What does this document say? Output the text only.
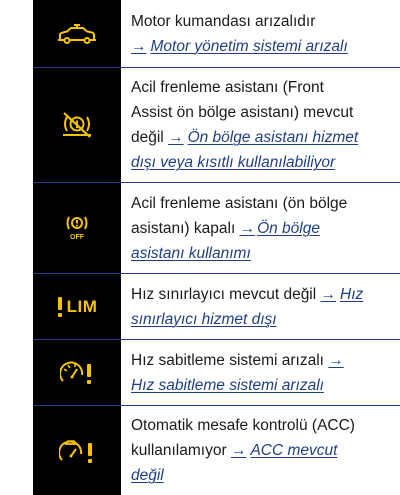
Motor kumandası arızalıdır
→ Motor yönetim sistemi arızalı
Acil frenleme asistanı (Front
Assist ön bölge asistanı) mevcut
değil → Ön bölge asistanı hizmet
dışı veya kısıtlı kullanılabiliyor
OFF
Acil frenleme asistanı (ön bölge
asistanı) kapalı → Ön bölge
asistanı kullanımı
LIM
Hız sınırlayıcı mevcut değil → Hız
sınırlayıcı hizmet dışı
Hız sabitleme sistemi arızalı →
Hız sabitleme sistemi arızalı
Otomatik mesafe kontrolü (ACC)
kullanılamıyor → ACC mevcut
değil
